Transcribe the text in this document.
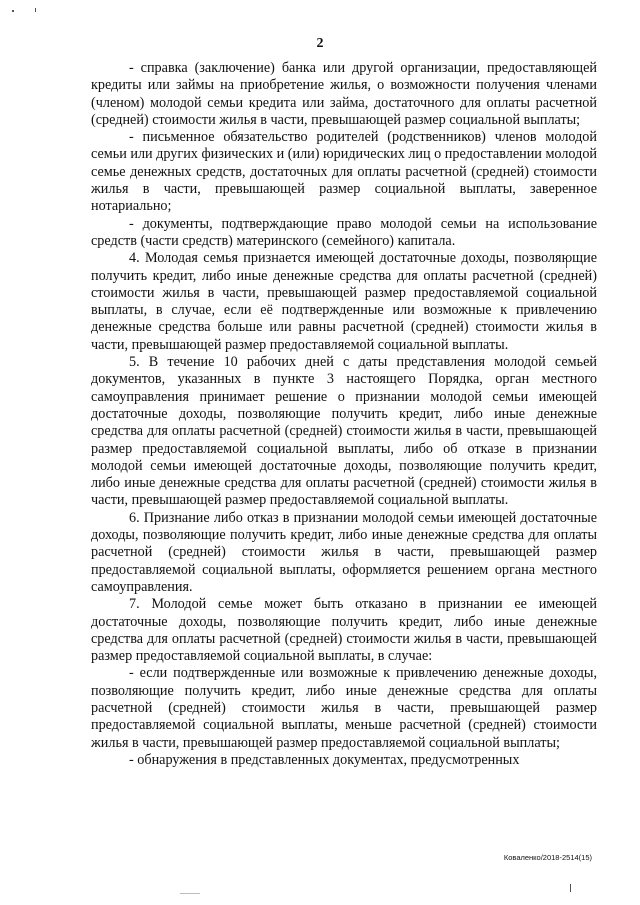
2

- справка (заключение) банка или другой организации, предоставляющей кредиты или займы на приобретение жилья, о возможности получения членами (членом) молодой семьи кредита или займа, достаточного для оплаты расчетной (средней) стоимости жилья в части, превышающей размер социальной выплаты;

- письменное обязательство родителей (родственников) членов молодой семьи или других физических и (или) юридических лиц о предоставлении молодой семье денежных средств, достаточных для оплаты расчетной (средней) стоимости жилья в части, превышающей размер социальной выплаты, заверенное нотариально;

- документы, подтверждающие право молодой семьи на использование средств (части средств) материнского (семейного) капитала.

4. Молодая семья признается имеющей достаточные доходы, позволяющие получить кредит, либо иные денежные средства для оплаты расчетной (средней) стоимости жилья в части, превышающей размер предоставляемой социальной выплаты, в случае, если её подтвержденные или возможные к привлечению денежные средства больше или равны расчетной (средней) стоимости жилья в части, превышающей размер предоставляемой социальной выплаты.

5. В течение 10 рабочих дней с даты представления молодой семьей документов, указанных в пункте 3 настоящего Порядка, орган местного самоуправления принимает решение о признании молодой семьи имеющей достаточные доходы, позволяющие получить кредит, либо иные денежные средства для оплаты расчетной (средней) стоимости жилья в части, превышающей размер предоставляемой социальной выплаты, либо об отказе в признании молодой семьи имеющей достаточные доходы, позволяющие получить кредит, либо иные денежные средства для оплаты расчетной (средней) стоимости жилья в части, превышающей размер предоставляемой социальной выплаты.

6. Признание либо отказ в признании молодой семьи имеющей достаточные доходы, позволяющие получить кредит, либо иные денежные средства для оплаты расчетной (средней) стоимости жилья в части, превышающей размер предоставляемой социальной выплаты, оформляется решением органа местного самоуправления.

7. Молодой семье может быть отказано в признании ее имеющей достаточные доходы, позволяющие получить кредит, либо иные денежные средства для оплаты расчетной (средней) стоимости жилья в части, превышающей размер предоставляемой социальной выплаты, в случае:

- если подтвержденные или возможные к привлечению денежные доходы, позволяющие получить кредит, либо иные денежные средства для оплаты расчетной (средней) стоимости жилья в части, превышающей размер предоставляемой социальной выплаты, меньше расчетной (средней) стоимости жилья в части, превышающей размер предоставляемой социальной выплаты;

- обнаружения в представленных документах, предусмотренных

Коваленко/2018-2514(15)
